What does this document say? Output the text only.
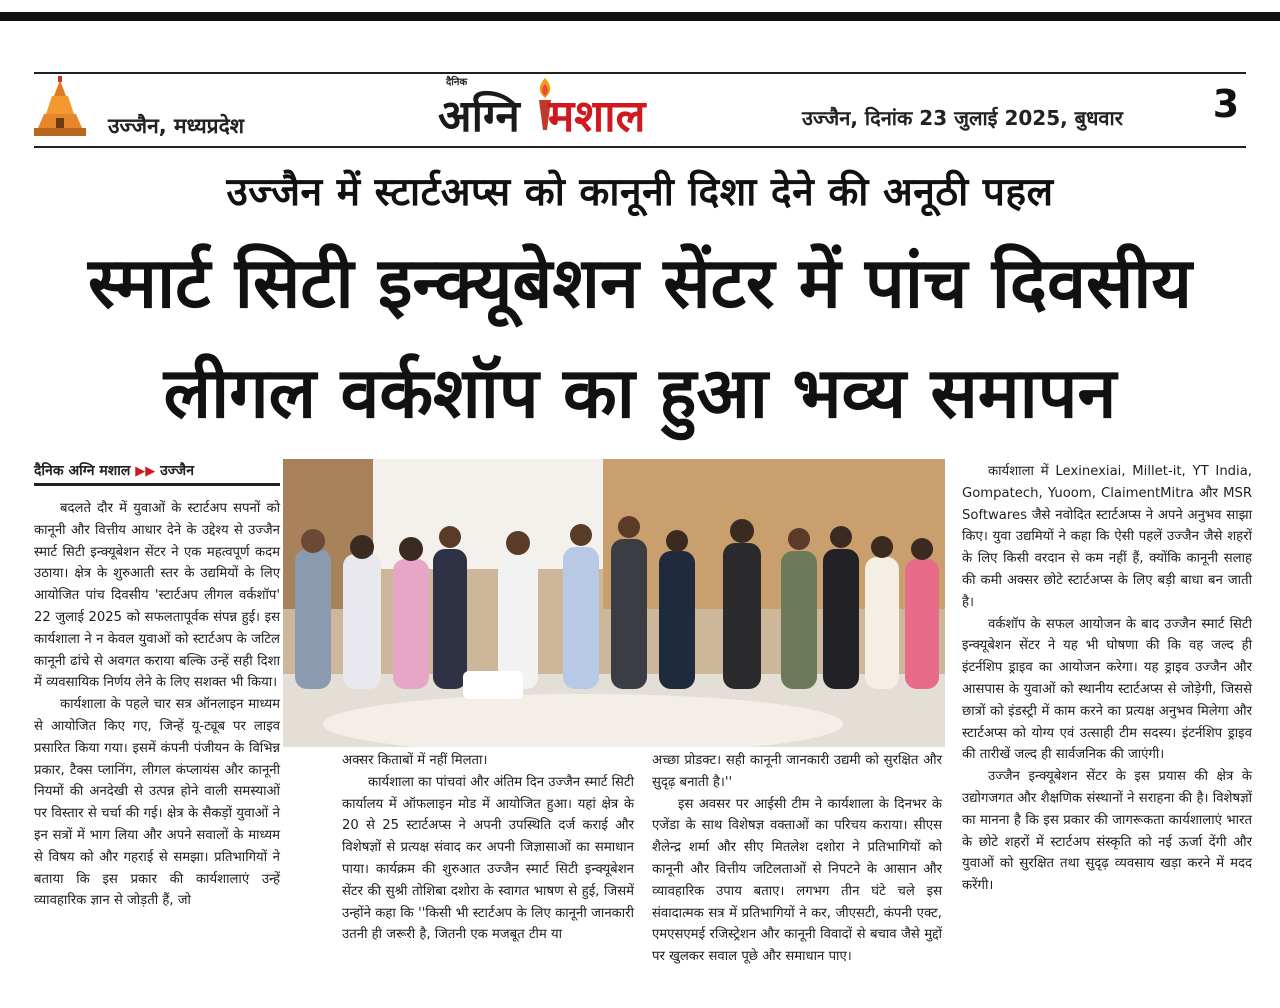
उज्जैन, मध्यप्रदेश
दैनिक
अग्नि मशाल	उज्जैन, दिनांक 23 जुलाई 2025, बुधवार 3
उज्जैन में स्टार्टअप्स को कानूनी दिशा देने की अनूठी पहल
स्मार्ट सिटी इन्क्यूबेशन सेंटर में पांच दिवसीय
लीगल वर्कशॉप का हुआ भव्य समापन
दैनिक अग्नि मशाल ▶▶ उज्जैन

बदलते दौर में युवाओं के स्टार्टअप सपनों को कानूनी और वित्तीय आधार देने के उद्देश्य से उज्जैन स्मार्ट सिटी इन्क्यूबेशन सेंटर ने एक महत्वपूर्ण कदम उठाया। क्षेत्र के शुरुआती स्तर के उद्यमियों के लिए आयोजित पांच दिवसीय 'स्टार्टअप लीगल वर्कशॉप' 22 जुलाई 2025 को सफलतापूर्वक संपन्न हुई। इस कार्यशाला ने न केवल युवाओं को स्टार्टअप के जटिल कानूनी ढांचे से अवगत कराया बल्कि उन्हें सही दिशा में व्यवसायिक निर्णय लेने के लिए सशक्त भी किया।

कार्यशाला के पहले चार सत्र ऑनलाइन माध्यम से आयोजित किए गए, जिन्हें यू-ट्यूब पर लाइव प्रसारित किया गया। इसमें कंपनी पंजीयन के विभिन्न प्रकार, टैक्स प्लानिंग, लीगल कंप्लायंस और कानूनी नियमों की अनदेखी से उत्पन्न होने वाली समस्याओं पर विस्तार से चर्चा की गई। क्षेत्र के सैकड़ों युवाओं ने इन सत्रों में भाग लिया और अपने सवालों के माध्यम से विषय को और गहराई से समझा। प्रतिभागियों ने बताया कि इस प्रकार की कार्यशालाएं उन्हें व्यावहारिक ज्ञान से जोड़ती हैं, जो

अक्सर किताबों में नहीं मिलता।

कार्यशाला का पांचवां और अंतिम दिन उज्जैन स्मार्ट सिटी कार्यालय में ऑफलाइन मोड में आयोजित हुआ। यहां क्षेत्र के 20 से 25 स्टार्टअप्स ने अपनी उपस्थिति दर्ज कराई और विशेषज्ञों से प्रत्यक्ष संवाद कर अपनी जिज्ञासाओं का समाधान पाया। कार्यक्रम की शुरुआत उज्जैन स्मार्ट सिटी इन्क्यूबेशन सेंटर की सुश्री तोशिबा दशोरा के स्वागत भाषण से हुई, जिसमें उन्होंने कहा कि ''किसी भी स्टार्टअप के लिए कानूनी जानकारी उतनी ही जरूरी है, जितनी एक मजबूत टीम या

अच्छा प्रोडक्ट। सही कानूनी जानकारी उद्यमी को सुरक्षित और सुदृढ़ बनाती है।''

इस अवसर पर आईसी टीम ने कार्यशाला के दिनभर के एजेंडा के साथ विशेषज्ञ वक्ताओं का परिचय कराया। सीएस शैलेन्द्र शर्मा और सीए मितलेश दशोरा ने प्रतिभागियों को कानूनी और वित्तीय जटिलताओं से निपटने के आसान और व्यावहारिक उपाय बताए। लगभग तीन घंटे चले इस संवादात्मक सत्र में प्रतिभागियों ने कर, जीएसटी, कंपनी एक्ट, एमएसएमई रजिस्ट्रेशन और कानूनी विवादों से बचाव जैसे मुद्दों पर खुलकर सवाल पूछे और समाधान पाए।

कार्यशाला में Lexinexiai, Millet-it, YT India, Gompatech, Yuoom, ClaimentMitra और MSR Softwares जैसे नवोदित स्टार्टअप्स ने अपने अनुभव साझा किए। युवा उद्यमियों ने कहा कि ऐसी पहलें उज्जैन जैसे शहरों के लिए किसी वरदान से कम नहीं हैं, क्योंकि कानूनी सलाह की कमी अक्सर छोटे स्टार्टअप्स के लिए बड़ी बाधा बन जाती है।

वर्कशॉप के सफल आयोजन के बाद उज्जैन स्मार्ट सिटी इन्क्यूबेशन सेंटर ने यह भी घोषणा की कि वह जल्द ही इंटर्नशिप ड्राइव का आयोजन करेगा। यह ड्राइव उज्जैन और आसपास के युवाओं को स्थानीय स्टार्टअप्स से जोड़ेगी, जिससे छात्रों को इंडस्ट्री में काम करने का प्रत्यक्ष अनुभव मिलेगा और स्टार्टअप्स को योग्य एवं उत्साही टीम सदस्य। इंटर्नशिप ड्राइव की तारीखें जल्द ही सार्वजनिक की जाएंगी।

उज्जैन इन्क्यूबेशन सेंटर के इस प्रयास की क्षेत्र के उद्योगजगत और शैक्षणिक संस्थानों ने सराहना की है। विशेषज्ञों का मानना है कि इस प्रकार की जागरूकता कार्यशालाएं भारत के छोटे शहरों में स्टार्टअप संस्कृति को नई ऊर्जा देंगी और युवाओं को सुरक्षित तथा सुदृढ़ व्यवसाय खड़ा करने में मदद करेंगी।
